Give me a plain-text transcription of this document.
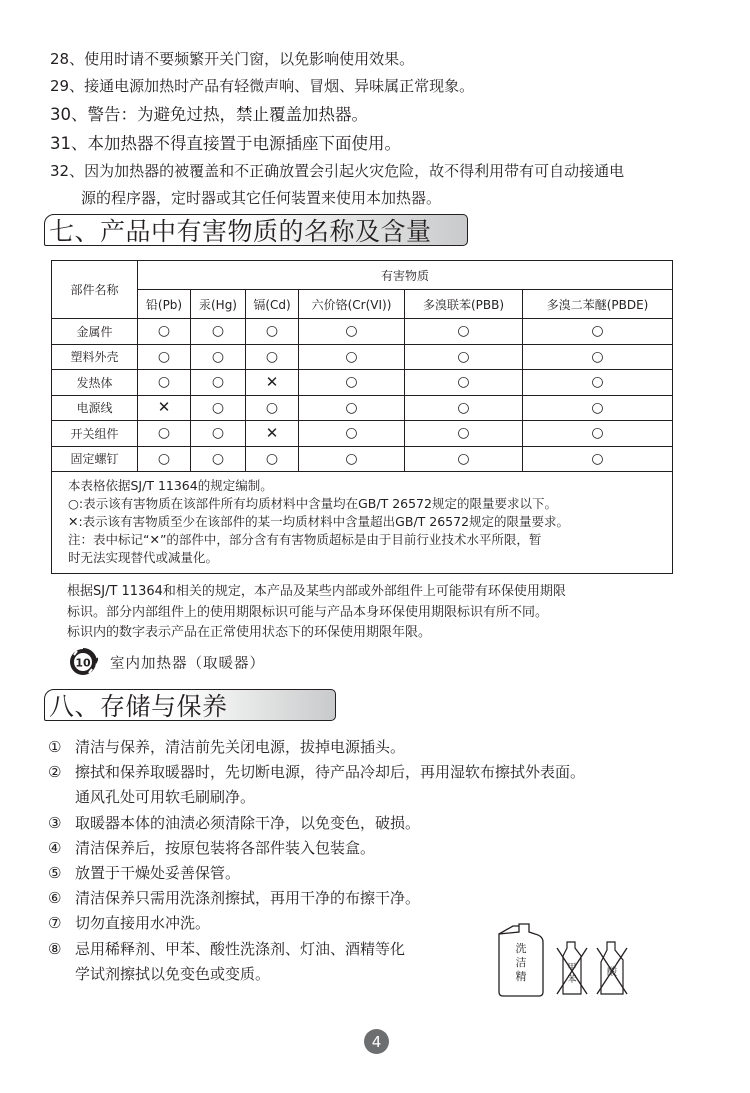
28、 使用时请不要频繁开关门窗，以免影响使用效果。
29、 接通电源加热时产品有轻微声响、冒烟、异味属正常现象。
30、 警告：为避免过热，禁止覆盖加热器。
31、 本加热器不得直接置于电源插座下面使用。
32、 因为加热器的被覆盖和不正确放置会引起火灾危险，故不得利用带有可自动接通电
源的程序器，定时器或其它任何装置来使用本加热器。
七、产品中有害物质的名称及含量
部件名称	有害物质					
	铅(Pb)	汞(Hg)	镉(Cd)	六价铬(Cr(VI))	多溴联苯(PBB)	多溴二苯醚(PBDE)
金属件	○	○	○	○	○	○
塑料外壳	○	○	○	○	○	○
发热体	○	○	✕	○	○	○
电源线	✕	○	○	○	○	○
开关组件	○	○	✕	○	○	○
固定螺钉	○	○	○	○	○	○

本表格依据SJ/T 11364的规定编制。
○:表示该有害物质在该部件所有均质材料中含量均在GB/T 26572规定的限量要求以下。
✕:表示该有害物质至少在该部件的某一均质材料中含量超出GB/T 26572规定的限量要求。
注：表中标记“✕”的部件中，部分含有有害物质超标是由于目前行业技术水平所限，暂
时无法实现替代或减量化。						
根据SJ/T 11364和相关的规定，本产品及某些内部或外部组件上可能带有环保使用期限
标识。部分内部组件上的使用期限标识可能与产品本身环保使用期限标识有所不同。
标识内的数字表示产品在正常使用状态下的环保使用期限年限。
10 室内加热器（取暖器）
八、存储与保养
① 清洁与保养，清洁前先关闭电源，拔掉电源插头。
② 擦拭和保养取暖器时，先切断电源，待产品冷却后，再用湿软布擦拭外表面。
通风孔处可用软毛刷刷净。
③ 取暖器本体的油渍必须清除干净，以免变色，破损。
④ 清洁保养后，按原包装将各部件装入包装盒。
⑤ 放置于干燥处妥善保管。
⑥ 清洁保养只需用洗涤剂擦拭，再用干净的布擦干净。
⑦ 切勿直接用水冲洗。
⑧ 忌用稀释剂、甲苯、酸性洗涤剂、灯油、酒精等化
学试剂擦拭以免变色或变质。
洗
洁
精
甲
苯
酸
4
